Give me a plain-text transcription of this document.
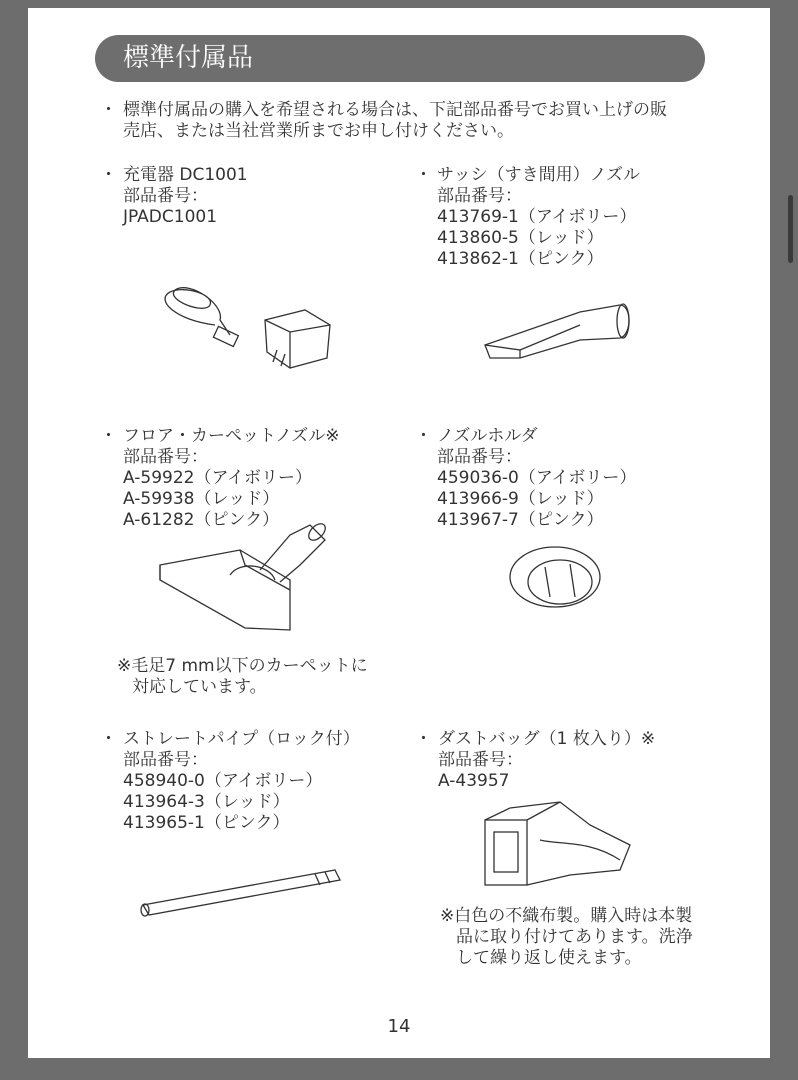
標準付属品
・ 標準付属品の購入を希望される場合は、下記部品番号でお買い上げの販
売店、または当社営業所までお申し付けください。
・ 充電器 DC1001
部品番号：
JPADC1001
・ サッシ（すき間用）ノズル
部品番号：
413769-1（アイボリー）
413860-5（レッド）
413862-1（ピンク）
・ フロア・カーペットノズル※
部品番号：
A-59922（アイボリー）
A-59938（レッド）
A-61282（ピンク）
※毛足7 mm以下のカーペットに
対応しています。
・ ノズルホルダ
部品番号：
459036-0（アイボリー）
413966-9（レッド）
413967-7（ピンク）
・ ストレートパイプ（ロック付）
部品番号：
458940-0（アイボリー）
413964-3（レッド）
413965-1（ピンク）
・ ダストバッグ（1 枚入り）※
部品番号：
A-43957
※白色の不織布製。購入時は本製
品に取り付けてあります。洗浄
して繰り返し使えます。
14
